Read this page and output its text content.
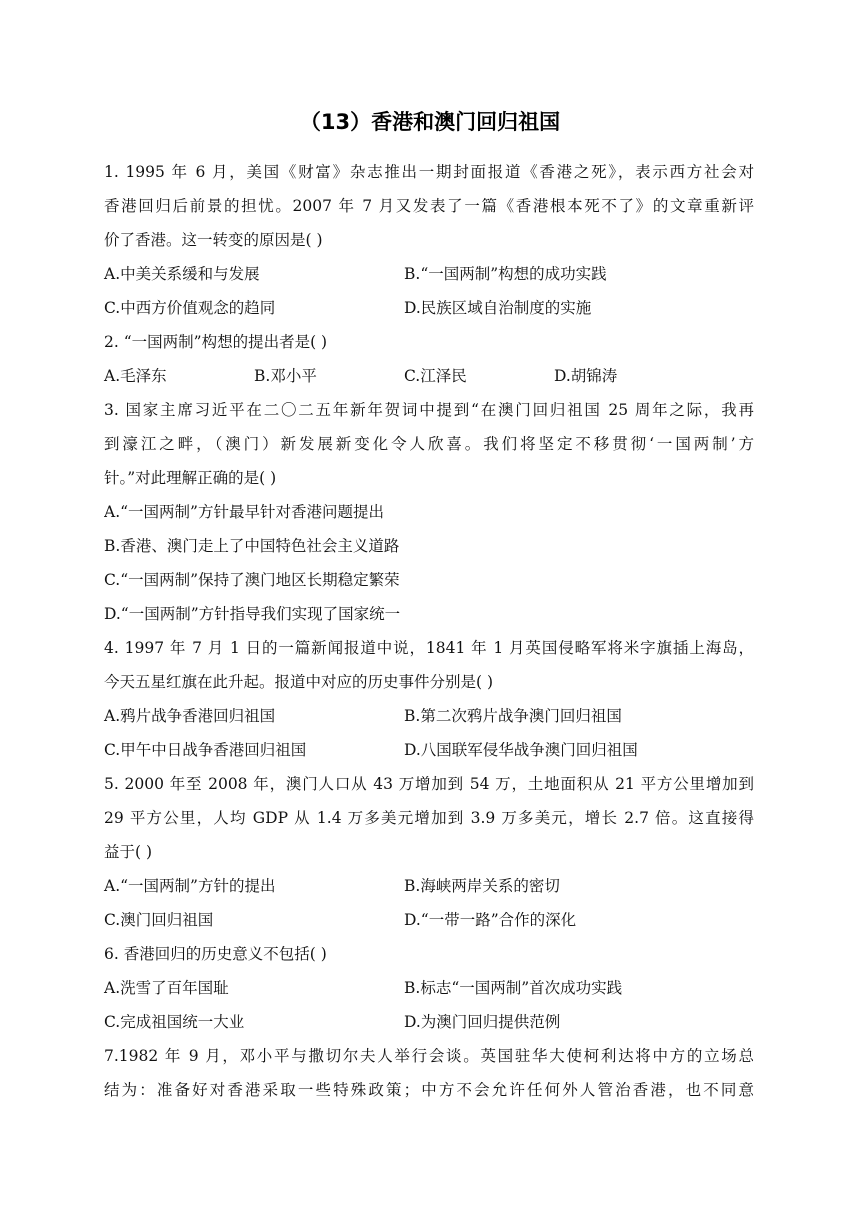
（13）香港和澳门回归祖国
1. 1995 年 6 月，美国《财富》杂志推出一期封面报道《香港之死》，表示西方社会对
香港回归后前景的担忧。2007 年 7 月又发表了一篇《香港根本死不了》的文章重新评
价了香港。这一转变的原因是( )
A.中美关系缓和与发展	B.“一国两制”构想的成功实践
C.中西方价值观念的趋同	D.民族区域自治制度的实施
2. “一国两制”构想的提出者是( )
A.毛泽东	B.邓小平	C.江泽民	D.胡锦涛
3. 国家主席习近平在二〇二五年新年贺词中提到“在澳门回归祖国 25 周年之际，我再
到濠江之畔，（澳门）新发展新变化令人欣喜。我们将坚定不移贯彻‘一国两制’方
针。”对此理解正确的是( )
A.“一国两制”方针最早针对香港问题提出
B.香港、澳门走上了中国特色社会主义道路
C.“一国两制”保持了澳门地区长期稳定繁荣
D.“一国两制”方针指导我们实现了国家统一
4. 1997 年 7 月 1 日的一篇新闻报道中说，1841 年 1 月英国侵略军将米字旗插上海岛，
今天五星红旗在此升起。报道中对应的历史事件分别是( )
A.鸦片战争香港回归祖国	B.第二次鸦片战争澳门回归祖国
C.甲午中日战争香港回归祖国	D.八国联军侵华战争澳门回归祖国
5. 2000 年至 2008 年，澳门人口从 43 万增加到 54 万，土地面积从 21 平方公里增加到
29 平方公里，人均 GDP 从 1.4 万多美元增加到 3.9 万多美元，增长 2.7 倍。这直接得
益于( )
A.“一国两制”方针的提出	B.海峡两岸关系的密切
C.澳门回归祖国	D.“一带一路”合作的深化
6. 香港回归的历史意义不包括( )
A.洗雪了百年国耻	B.标志“一国两制”首次成功实践
C.完成祖国统一大业	D.为澳门回归提供范例
7.1982 年 9 月，邓小平与撒切尔夫人举行会谈。英国驻华大使柯利达将中方的立场总
结为：准备好对香港采取一些特殊政策；中方不会允许任何外人管治香港，也不同意
